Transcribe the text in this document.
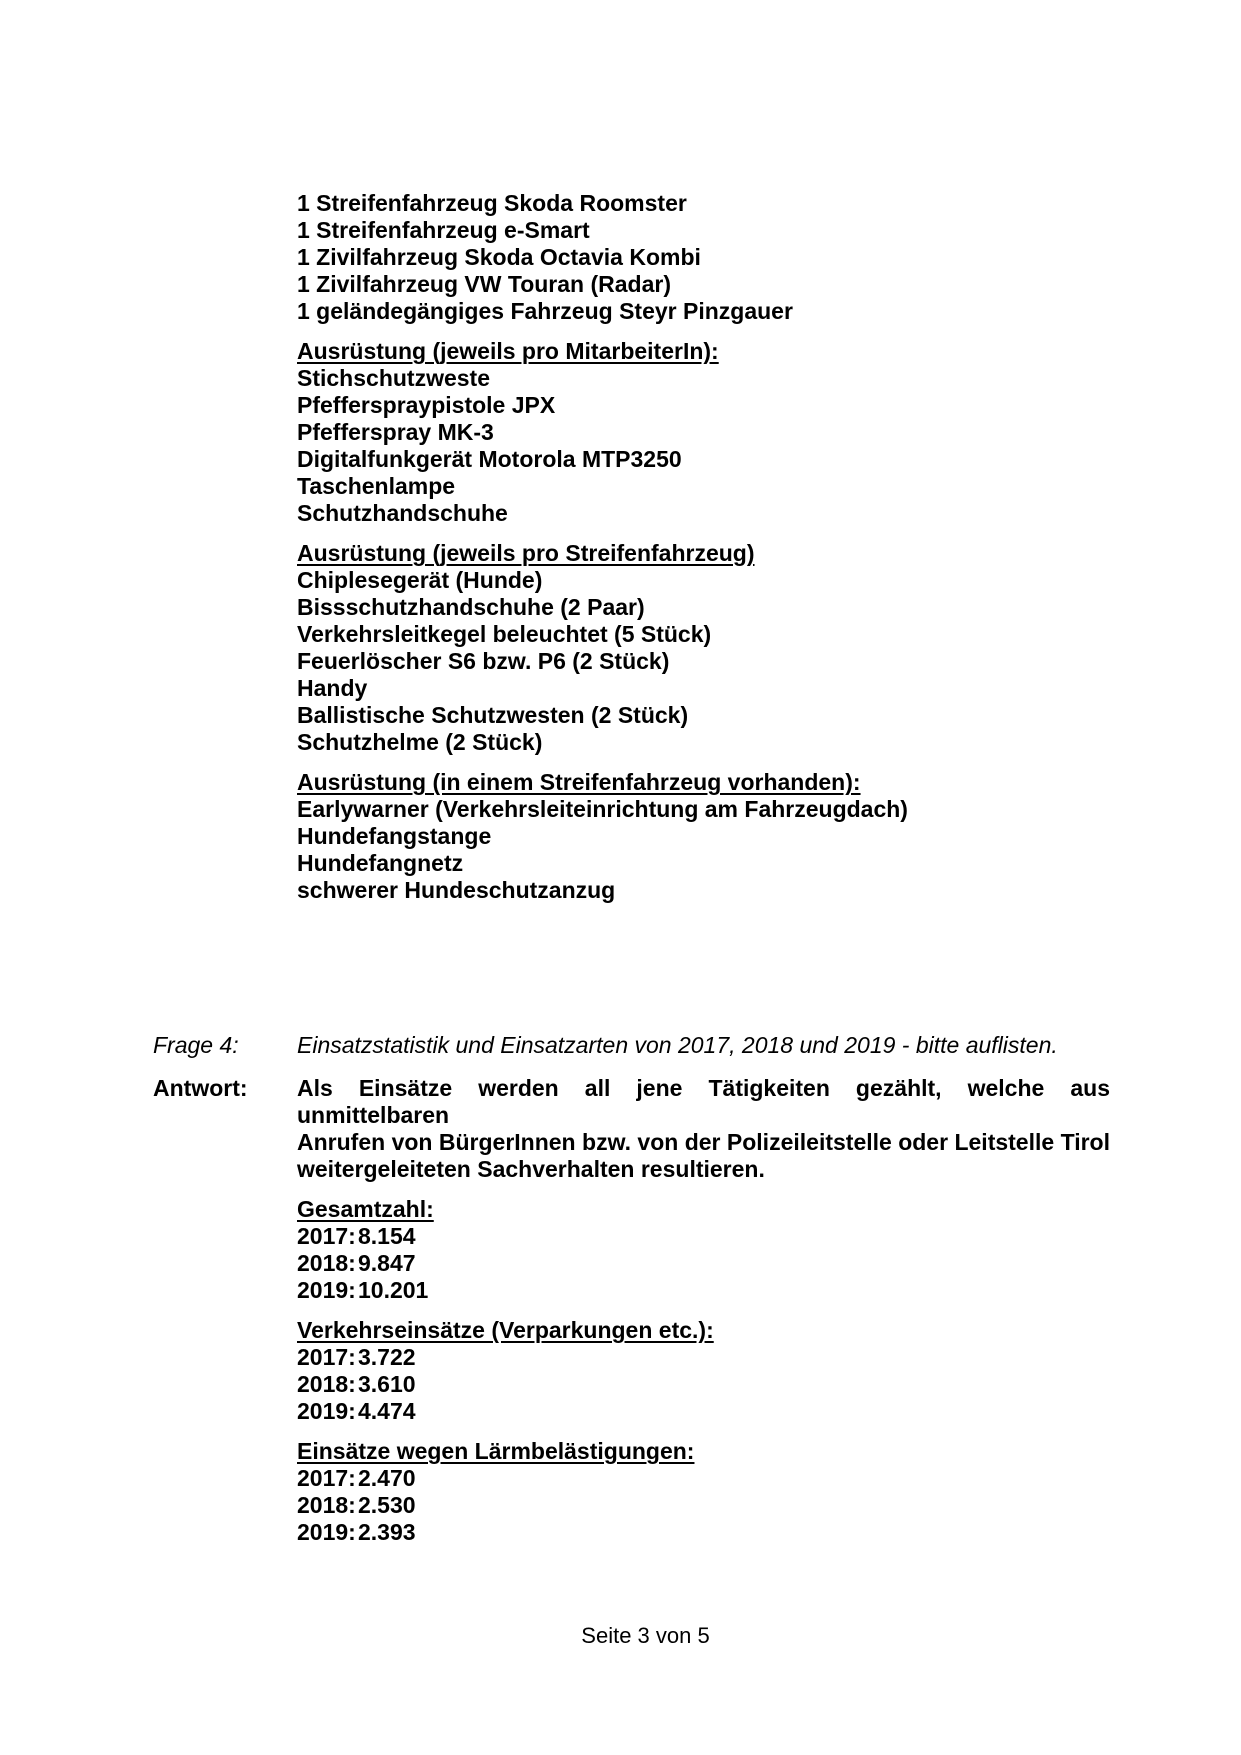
1 Streifenfahrzeug Skoda Roomster
1 Streifenfahrzeug e-Smart
1 Zivilfahrzeug Skoda Octavia Kombi
1 Zivilfahrzeug VW Touran (Radar)
1 geländegängiges Fahrzeug Steyr Pinzgauer
Ausrüstung (jeweils pro MitarbeiterIn):
Stichschutzweste
Pfefferspraypistole JPX
Pfefferspray MK-3
Digitalfunkgerät Motorola MTP3250
Taschenlampe
Schutzhandschuhe
Ausrüstung (jeweils pro Streifenfahrzeug)
Chiplesegerät (Hunde)
Bissschutzhandschuhe (2 Paar)
Verkehrsleitkegel beleuchtet (5 Stück)
Feuerlöscher S6 bzw. P6 (2 Stück)
Handy
Ballistische Schutzwesten (2 Stück)
Schutzhelme (2 Stück)
Ausrüstung (in einem Streifenfahrzeug vorhanden):
Earlywarner (Verkehrsleiteinrichtung am Fahrzeugdach)
Hundefangstange
Hundefangnetz
schwerer Hundeschutzanzug
Frage 4:	Einsatzstatistik und Einsatzarten von 2017, 2018 und 2019 - bitte auflisten.
Antwort: Als Einsätze werden all jene Tätigkeiten gezählt, welche aus unmittelbaren
Anrufen von BürgerInnen bzw. von der Polizeileitstelle oder Leitstelle Tirol
weitergeleiteten Sachverhalten resultieren.
Gesamtzahl:
2017:8.154
2018:9.847
2019:10.201
Verkehrseinsätze (Verparkungen etc.):
2017:3.722
2018:3.610
2019:4.474
Einsätze wegen Lärmbelästigungen:
2017:2.470
2018:2.530
2019:2.393
Seite 3 von 5
